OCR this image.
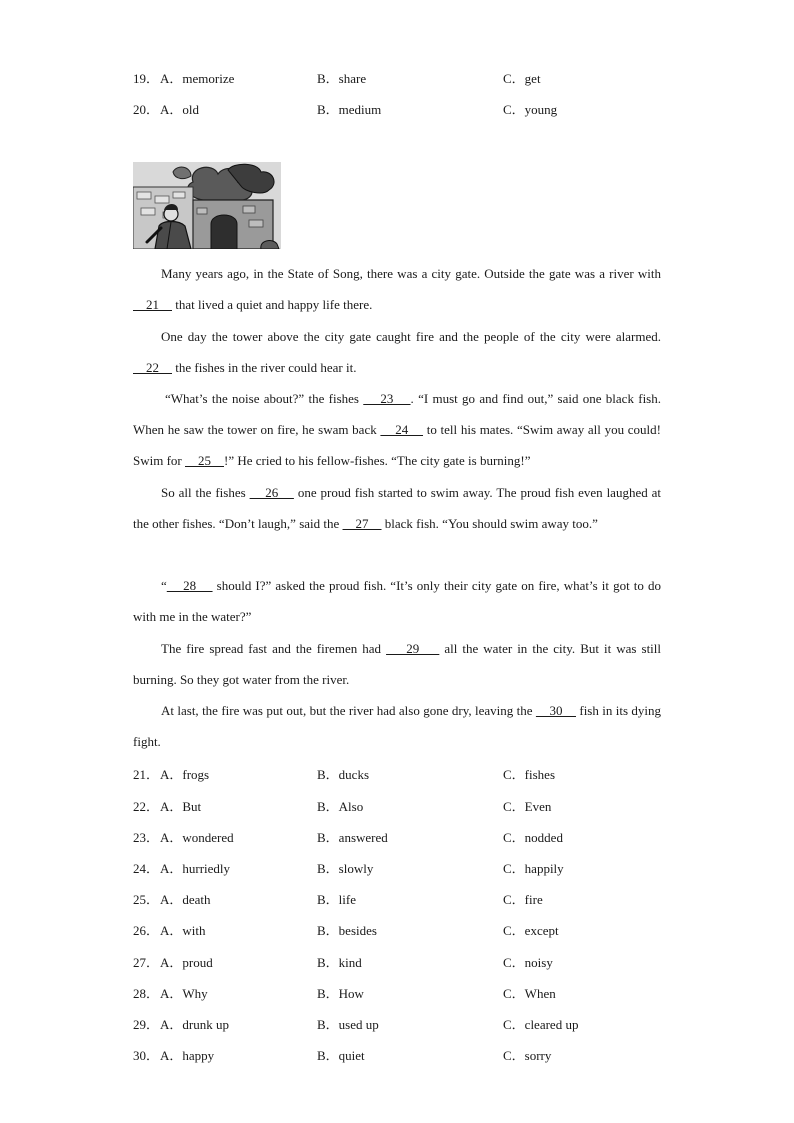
19． A．memorize	B．share	C．get
20． A．old	B．medium	C．young

Many years ago, in the State of Song, there was a city gate. Outside the gate was a river with     21     that lived a quiet and happy life there.

One day the tower above the city gate caught fire and the people of the city were alarmed.     22     the fishes in the river could hear it.

“What’s the noise about?” the fishes     23    . “I must go and find out,” said one black fish. When he saw the tower on fire, he swam back     24     to tell his mates. “Swim away all you could! Swim for     25    !” He cried to his fellow-fishes. “The city gate is burning!”

So all the fishes     26     one proud fish started to swim away. The proud fish even laughed at the other fishes. “Don’t laugh,” said the     27     black fish. “You should swim away too.”

“    28     should I?” asked the proud fish. “It’s only their city gate on fire, what’s it got to do with me in the water?”

The fire spread fast and the firemen had     29     all the water in the city. But it was still burning. So they got water from the river.

At last, the fire was put out, but the river had also gone dry, leaving the     30     fish in its dying fight.

21． A．frogs	B．ducks	C．fishes
22． A．But	B．Also	C．Even
23． A．wondered	B．answered	C．nodded
24． A．hurriedly	B．slowly	C．happily
25． A．death	B．life	C．fire
26． A．with	B．besides	C．except
27． A．proud	B．kind	C．noisy
28． A．Why	B．How	C．When
29． A．drunk up	B．used up	C．cleared up
30． A．happy	B．quiet	C．sorry
